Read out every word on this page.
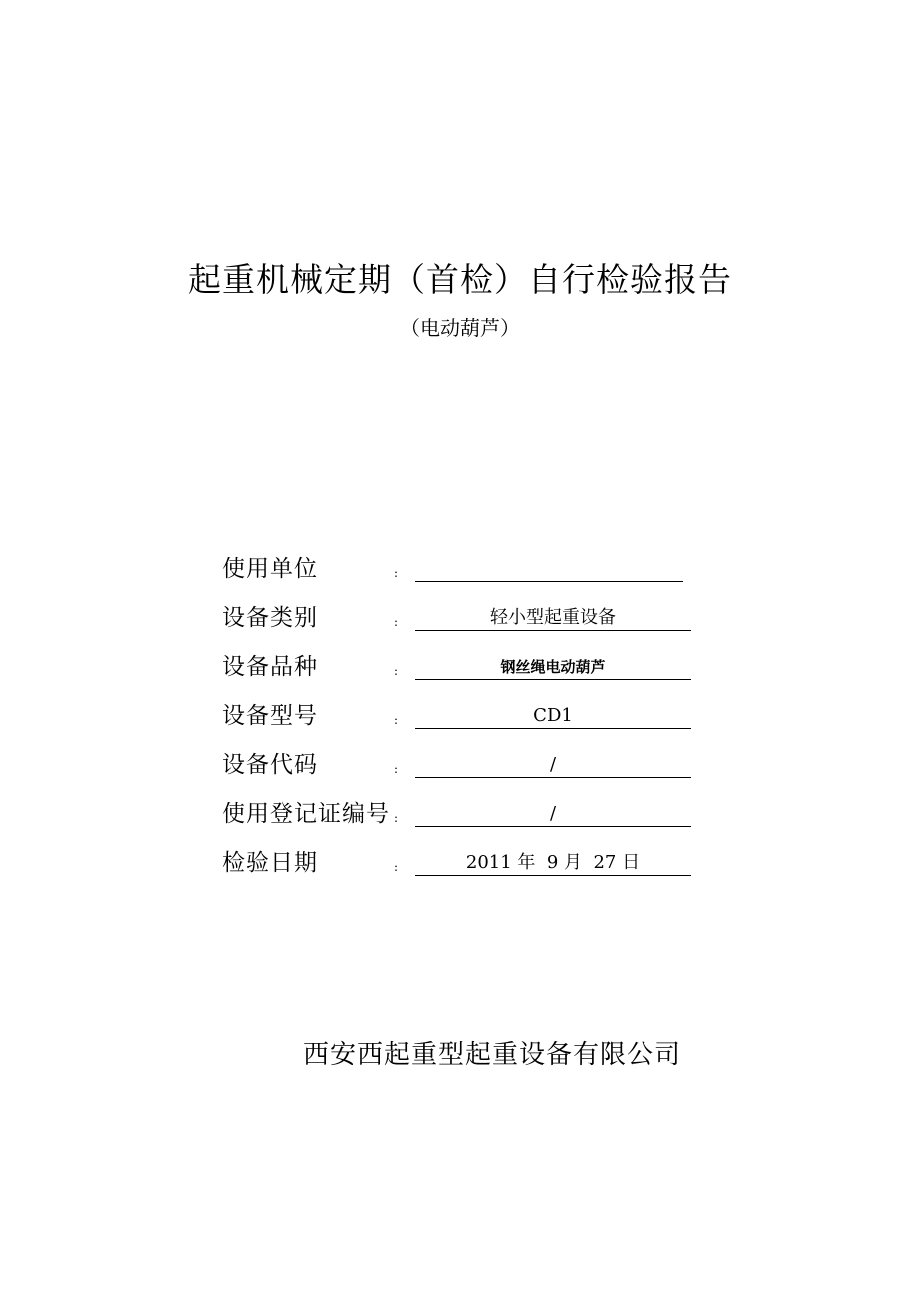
起重机械定期（首检）自行检验报告
（电动葫芦）
使用单位	:
设备类别	:	轻小型起重设备
设备品种	:	钢丝绳电动葫芦
设备型号	:	CD1
设备代码	:	/
使用登记证编号 :	/
检验日期	:	2011 年  9 月  27 日
西安西起重型起重设备有限公司
